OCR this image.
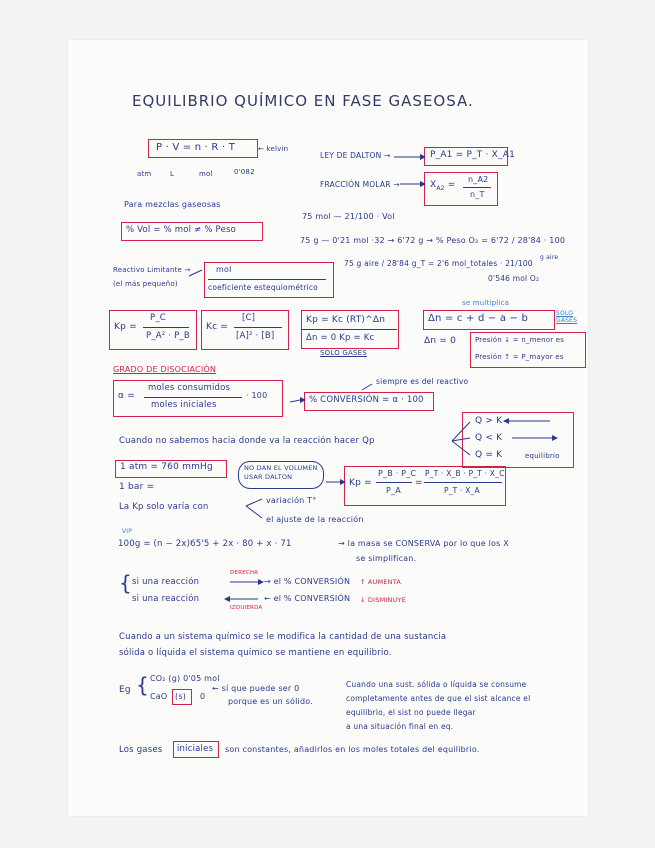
EQUILIBRIO QUÍMICO EN FASE GASEOSA.
P · V = n · R · T	← kelvin
atm	L	mol	0'082
LEY DE DALTON →	P_A1 = P_T · X_A1
FRACCIÓN MOLAR →	$X_{A2}$ =
n_A2
n_T
Para mezclas gaseosas
% Vol = % mol ≠ % Peso
75 mol — 21/100 · Vol
75 g — 0'21 mol ·32 → 6'72 g → % Peso O₂ = 6'72 / 28'84 · 100
75 g aire / 28'84 g_T = 2'6 mol_totales · 21/100
0'546 mol O₂
g aire
Reactivo Limitante →
(el más pequeño)
mol
coeficiente estequiométrico
Kp =
P_C
P_A² · P_B
Kc =
[C]
[A]² · [B]
Kp = Kc (RT)^Δn
Δn = 0 Kp = Kc
SOLO GASES
se multiplica
Δn = c + d − a − b	SOLO GASES
Δn = 0	Presión ↓ = n_menor es
Presión ↑ = P_mayor es
GRADO DE DISOCIACIÓN
α =
moles consumidos
moles iniciales
· 100
siempre es del reactivo
% CONVERSIÓN = α · 100
Cuando no sabemos hacia donde va la reacción hacer Qp
Q > K
Q < K
Q = K	equilibrio
1 atm = 760 mmHg
1 bar =
NO DAN EL VOLUMEN USAR DALTON
Kp =
P_B · P_C
P_A
=
P_T · X_B · P_T · X_C
P_T · X_A
La Kp solo varía con
variación T°
el ajuste de la reacción
VIP
100g = (n − 2x)65'5 + 2x · 80 + x · 71	→ la masa se CONSERVA por lo que los X
se simplifican.
{ si una reacción
DERECHA
→ el % CONVERSIÓN ↑ AUMENTA
si una reacción
IZQUIERDA
← el % CONVERSIÓN ↓ DISMINUYE
Cuando a un sistema químico se le modifica la cantidad de una sustancia
sólida o líquida el sistema químico se mantiene en equilibrio.
Eg { CO₂ (g) 0'05 mol
CaO (s) 0
← sí que puede ser 0
porque es un sólido.
Cuando una sust. sólida o líquida se consume
completamente antes de que el sist alcance el
equilibrio, el sist no puede llegar
a una situación final en eq.
Los gases iniciales son constantes, añadirlos en los moles totales del equilibrio.
